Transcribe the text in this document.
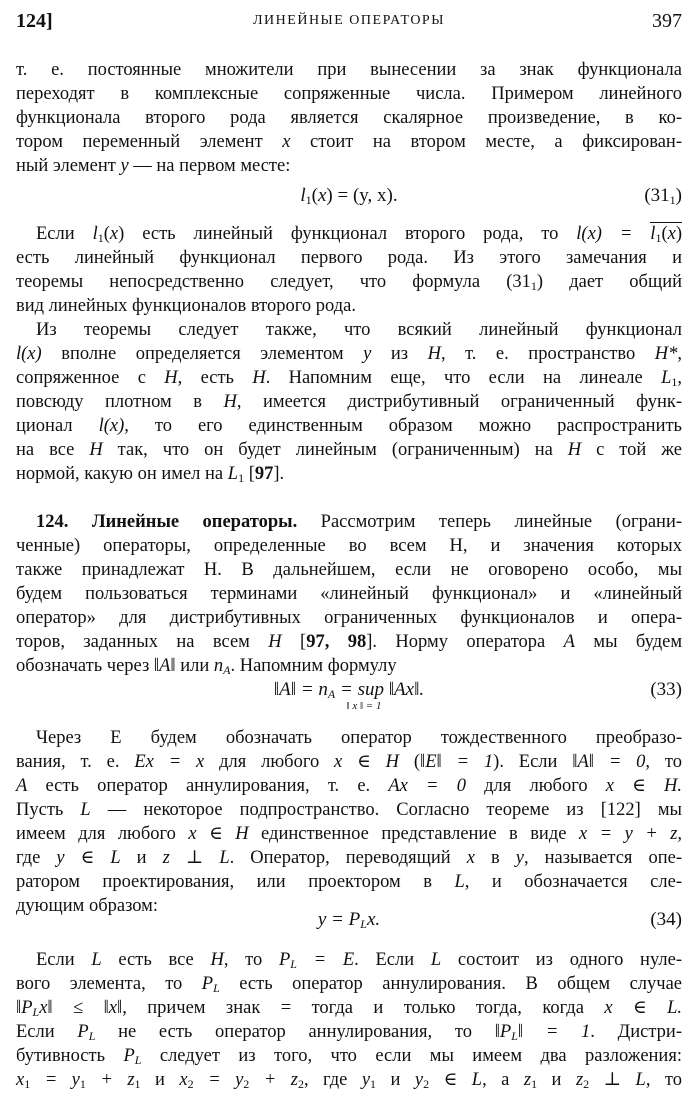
124]	ЛИНЕЙНЫЕ ОПЕРАТОРЫ	397
т. е. постоянные множители при вынесении за знак функционала
переходят в комплексные сопряженные числа. Примером линейного
функционала второго рода является скалярное произведение, в ко-
тором переменный элемент x стоит на втором месте, а фиксирован-
ный элемент y — на первом месте:
$l_1(x) = (y$, x).	$(31_1)$
Если $l_1(x)$ есть линейный функционал второго рода, то $l(x) = l_1(x)$
есть линейный функционал первого рода. Из этого замечания и
теоремы непосредственно следует, что формула $(31_1)$ дает общий
вид линейных функционалов второго рода.
Из теоремы следует также, что всякий линейный функционал
l(x) вполне определяется элементом y из H, т. е. пространство H*,
сопряженное с H, есть H. Напомним еще, что если на линеале $L_1$,
повсюду плотном в H, имеется дистрибутивный ограниченный функ-
ционал l(x), то его единственным образом можно распространить
на все H так, что он будет линейным (ограниченным) на H с той же
нормой, какую он имел на $L_1$ [97].
124. Линейные операторы. Рассмотрим теперь линейные (ограни-
ченные) операторы, определенные во всем H, и значения которых
также принадлежат H. В дальнейшем, если не оговорено особо, мы
будем пользоваться терминами «линейный функционал» и «линейный
оператор» для дистрибутивных ограниченных функционалов и опера-
торов, заданных на всем H [97, 98]. Норму оператора A мы будем
обозначать через ‖A‖ или $n_A$. Напомним формулу
‖A‖ = $n_A$ = sup ‖Ax‖.	(33)
‖ x ‖ = 1
Через E будем обозначать оператор тождественного преобразо-
вания, т. е. Ex = x для любого x ∈ H (‖E‖ = 1). Если ‖A‖ = 0, то
A есть оператор аннулирования, т. е. Ax = 0 для любого x ∈ H.
Пусть L — некоторое подпространство. Согласно теореме из [122] мы
имеем для любого x ∈ H единственное представление в виде x = y + z,
где y ∈ L и z ⊥ L. Оператор, переводящий x в y, называется опе-
ратором проектирования, или проектором в L, и обозначается сле-
дующим образом:
$y = P_Lx$.	(34)
Если L есть все H, то $P_L = E$. Если L состоит из одного нуле-
вого элемента, то $P_L$ есть оператор аннулирования. В общем случае
$‖P_Lx‖$ ≤ ‖x‖, причем знак = тогда и только тогда, когда x ∈ L.
Если $P_L$ не есть оператор аннулирования, то $‖P_L‖ = 1$. Дистри-
бутивность $P_L$ следует из того, что если мы имеем два разложения:
$x_1 = y_1 + z_1$ и $x_2 = y_2 + z_2$, где $y_1$ и $y_2$ ∈ L, а $z_1$ и $z_2$ ⊥ L, то
